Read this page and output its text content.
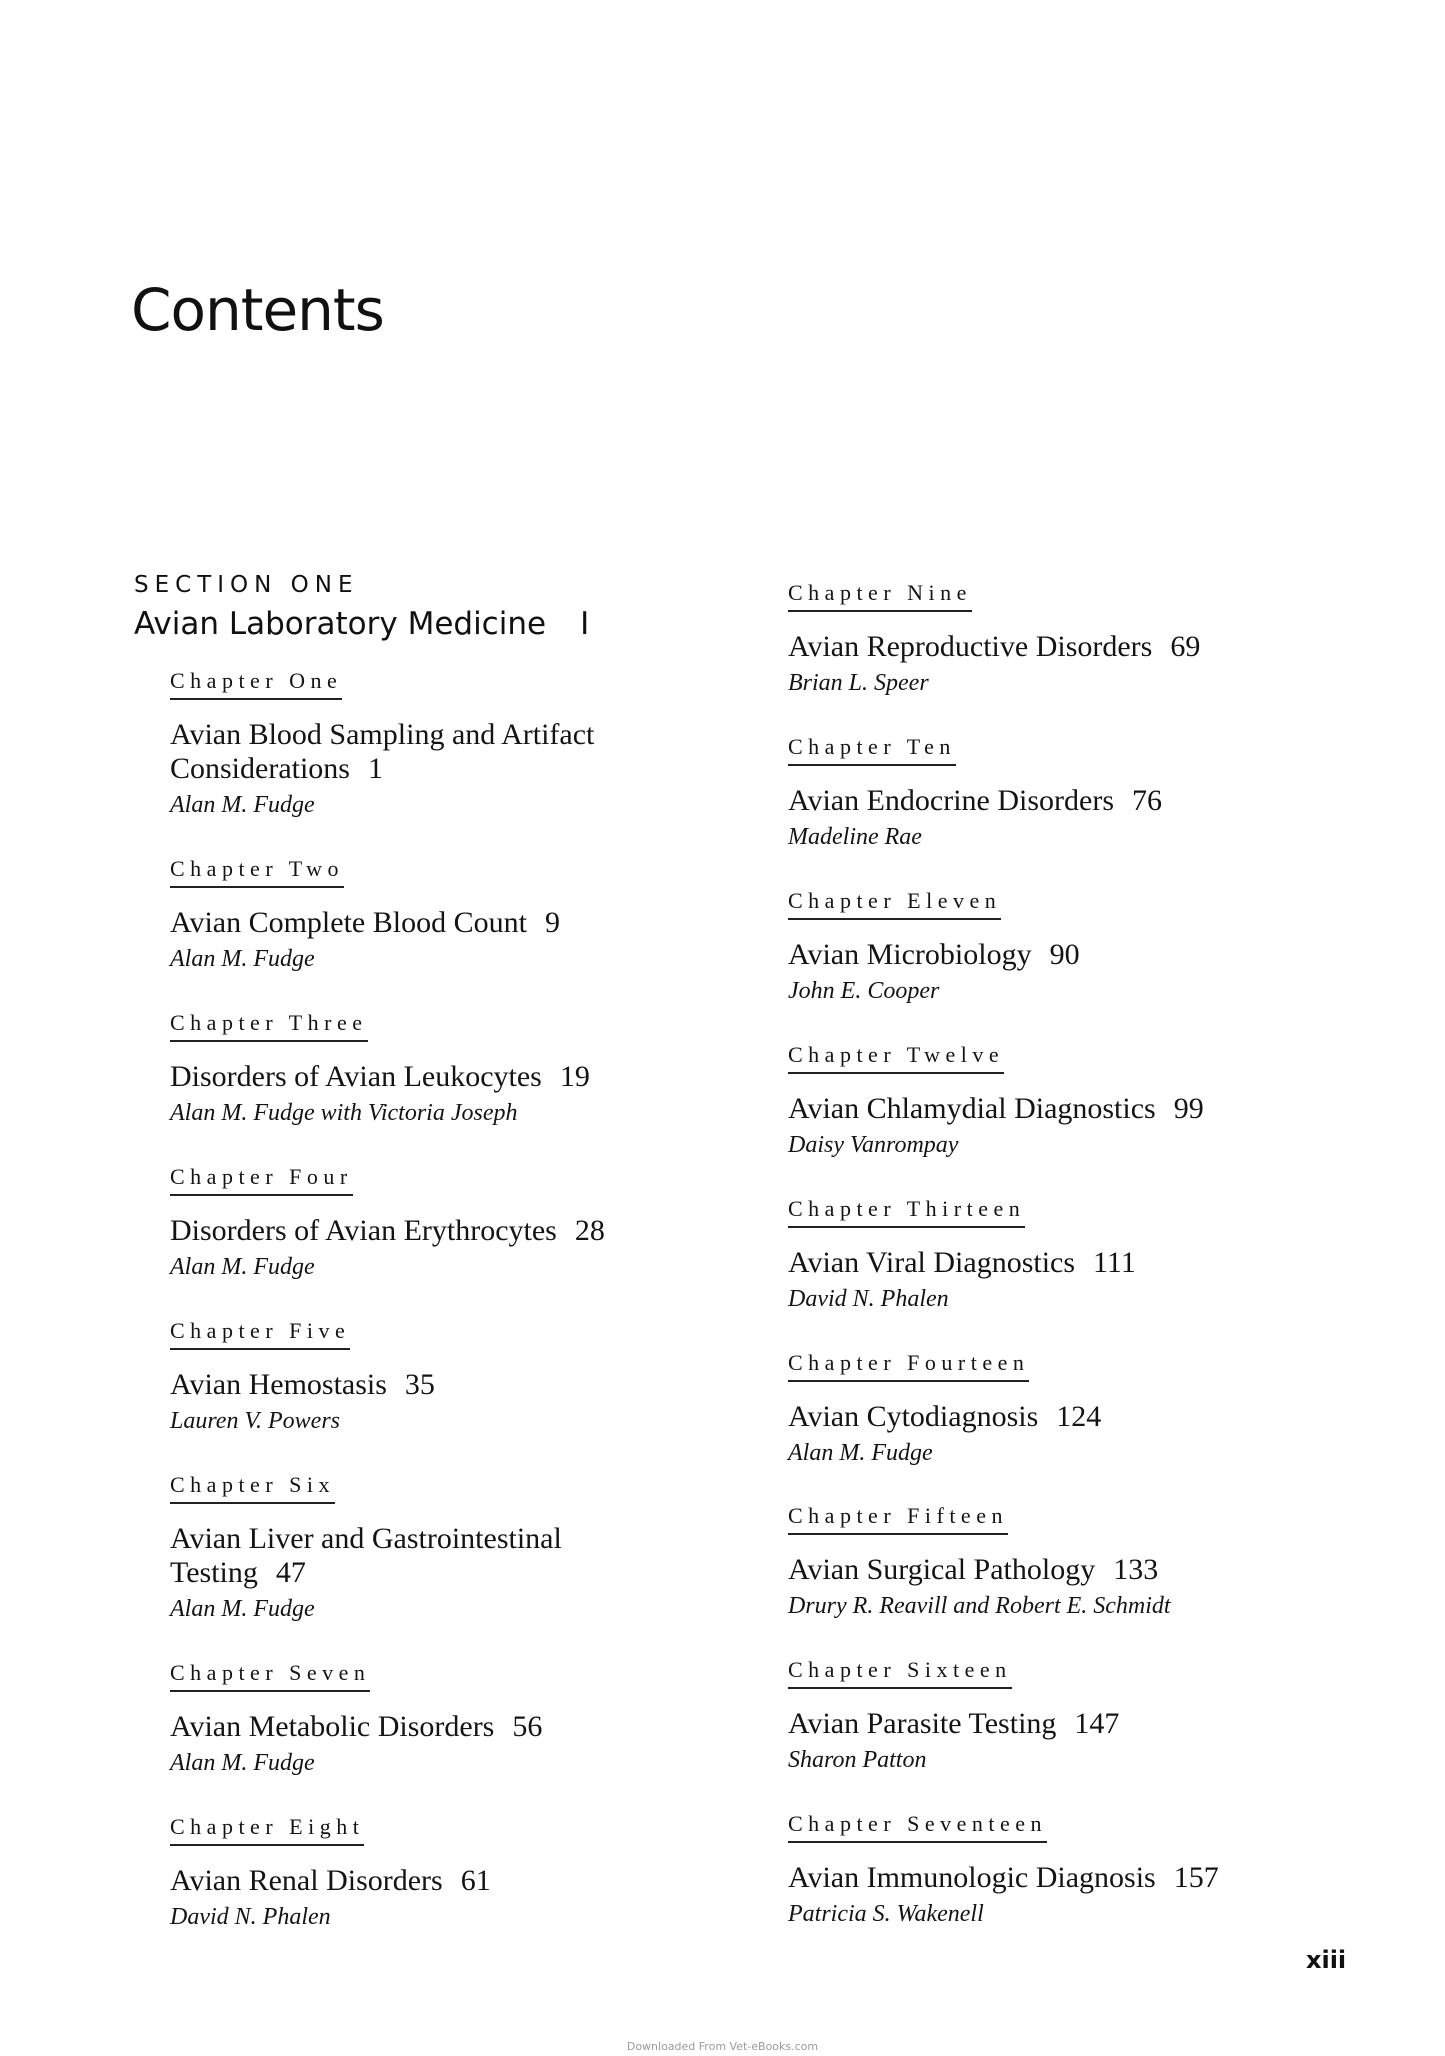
Contents
SECTION ONE
Avian Laboratory Medicine I
Chapter One
Avian Blood Sampling and Artifact
Considerations 1
Alan M. Fudge
Chapter Two
Avian Complete Blood Count 9
Alan M. Fudge
Chapter Three
Disorders of Avian Leukocytes 19
Alan M. Fudge with Victoria Joseph
Chapter Four
Disorders of Avian Erythrocytes 28
Alan M. Fudge
Chapter Five
Avian Hemostasis 35
Lauren V. Powers
Chapter Six
Avian Liver and Gastrointestinal
Testing 47
Alan M. Fudge
Chapter Seven
Avian Metabolic Disorders 56
Alan M. Fudge
Chapter Eight
Avian Renal Disorders 61
David N. Phalen
Chapter Nine
Avian Reproductive Disorders 69
Brian L. Speer
Chapter Ten
Avian Endocrine Disorders 76
Madeline Rae
Chapter Eleven
Avian Microbiology 90
John E. Cooper
Chapter Twelve
Avian Chlamydial Diagnostics 99
Daisy Vanrompay
Chapter Thirteen
Avian Viral Diagnostics 111
David N. Phalen
Chapter Fourteen
Avian Cytodiagnosis 124
Alan M. Fudge
Chapter Fifteen
Avian Surgical Pathology 133
Drury R. Reavill and Robert E. Schmidt
Chapter Sixteen
Avian Parasite Testing 147
Sharon Patton
Chapter Seventeen
Avian Immunologic Diagnosis 157
Patricia S. Wakenell
xiii
Downloaded From Vet-eBooks.com
